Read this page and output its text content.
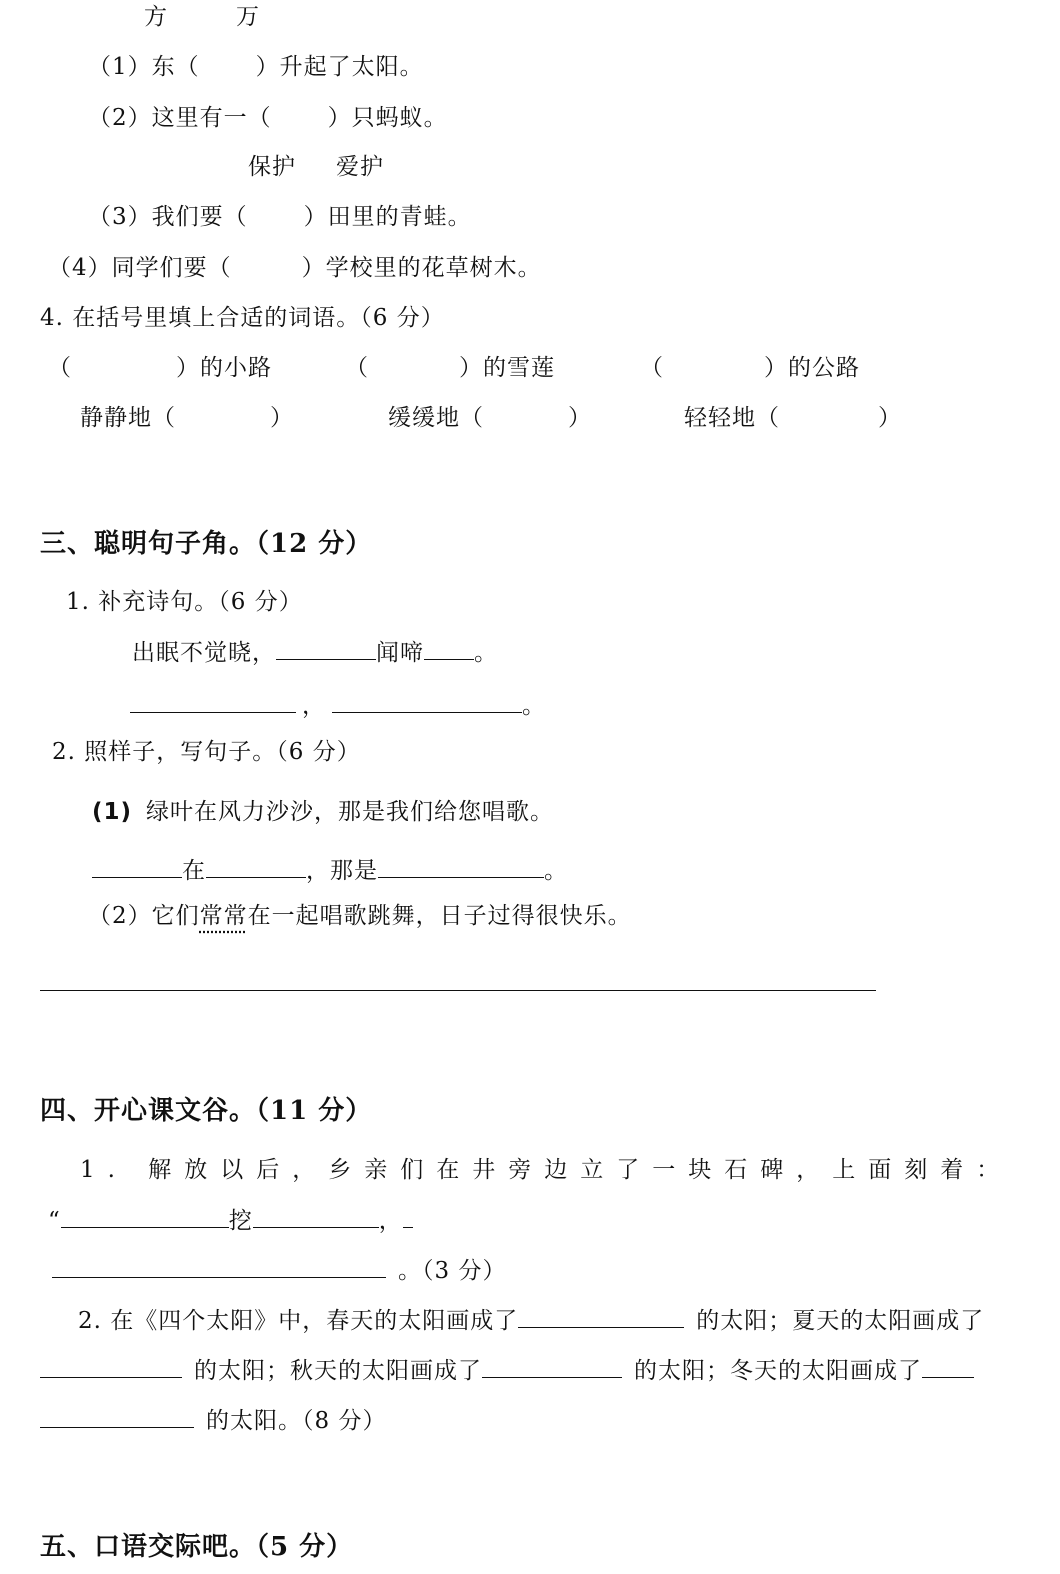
方	万
（1）东（ ）升起了太阳。
（2）这里有一（ ）只蚂蚁。
保护 爱护
（3）我们要（ ）田里的青蛙。
（4）同学们要（	）学校里的花草树木。
4. 在括号里填上合适的词语。（6 分）
（	）的小路	（	）的雪莲	（	）的公路
静静地（	）	缓缓地（	）	轻轻地（	）
三、聪明句子角。（12 分）
1. 补充诗句。（6 分）
出眠不觉晓，	闻啼 。
，	。
2. 照样子，写句子。（6 分）
(1) 绿叶在风力沙沙，那是我们给您唱歌。
在	，那是	。
（2）它们常常在一起唱歌跳舞，日子过得很快乐。
四、开心课文谷。（11 分）
1. 解放以后，乡亲们在井旁边立了一块石碑，上面刻着：
“	挖	，
。（3 分）
2. 在《四个太阳》中，春天的太阳画成了	的太阳；夏天的太阳画成了
的太阳；秋天的太阳画成了	的太阳；冬天的太阳画成了
的太阳。（8 分）
五、口语交际吧。（5 分）
